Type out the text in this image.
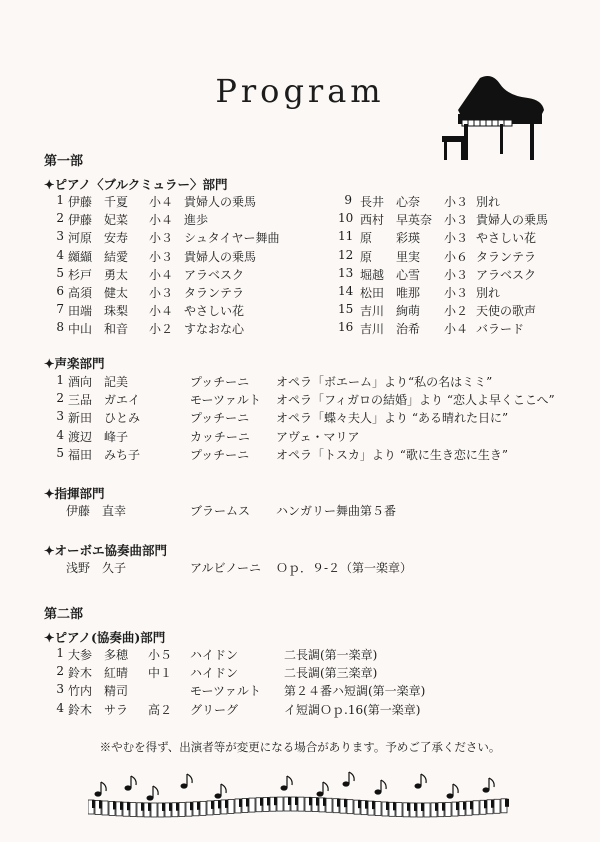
Program
第一部
✦ピアノ〈ブルクミュラー〉部門
1 伊藤　千夏 小４ 貴婦人の乗馬
2 伊藤　妃菜 小４ 進歩
3 河原　安寿 小３ シュタイヤー舞曲
4 纐纈　結愛 小３ 貴婦人の乗馬
5 杉戸　勇太 小４ アラベスク
6 高須　健太 小３ タランテラ
7 田端　珠梨 小４ やさしい花
8 中山　和音 小２ すなおな心
9 長井　心奈 小３ 別れ
10 西村　早英奈 小３ 貴婦人の乗馬
11 原　　彩瑛 小３ やさしい花
12 原　　里実 小６ タランテラ
13 堀越　心雪 小３ アラベスク
14 松田　唯那 小３ 別れ
15 吉川　絢萌 小２ 天使の歌声
16 吉川　治希 小４ バラード
✦声楽部門
1 酒向　記美	プッチーニ オペラ「ボエーム」より“私の名はミミ”
2 三品　ガエイ	モーツァルト オペラ「フィガロの結婚」より “恋人よ早くここへ”
3 新田　ひとみ	プッチーニ オペラ「蝶々夫人」より “ある晴れた日に”
4 渡辺　峰子	カッチーニ アヴェ・マリア
5 福田　みち子	プッチーニ オペラ「トスカ」より “歌に生き恋に生き”
✦指揮部門
伊藤　直幸	ブラームス ハンガリー舞曲第５番
✦オーボエ協奏曲部門
浅野　久子	アルビノーニ Ｏｐ．９-２（第一楽章）
第二部
✦ピアノ(協奏曲)部門
1 大参　多穂 小５ ハイドン	二長調(第一楽章)
2 鈴木　紅晴 中１ ハイドン	二長調(第三楽章)
3 竹内　精司	モーツァルト 第２４番ハ短調(第一楽章)
4 鈴木　サラ 高２ グリーグ	イ短調Ｏｐ.16(第一楽章)
※やむを得ず、出演者等が変更になる場合があります。予めご了承ください。
